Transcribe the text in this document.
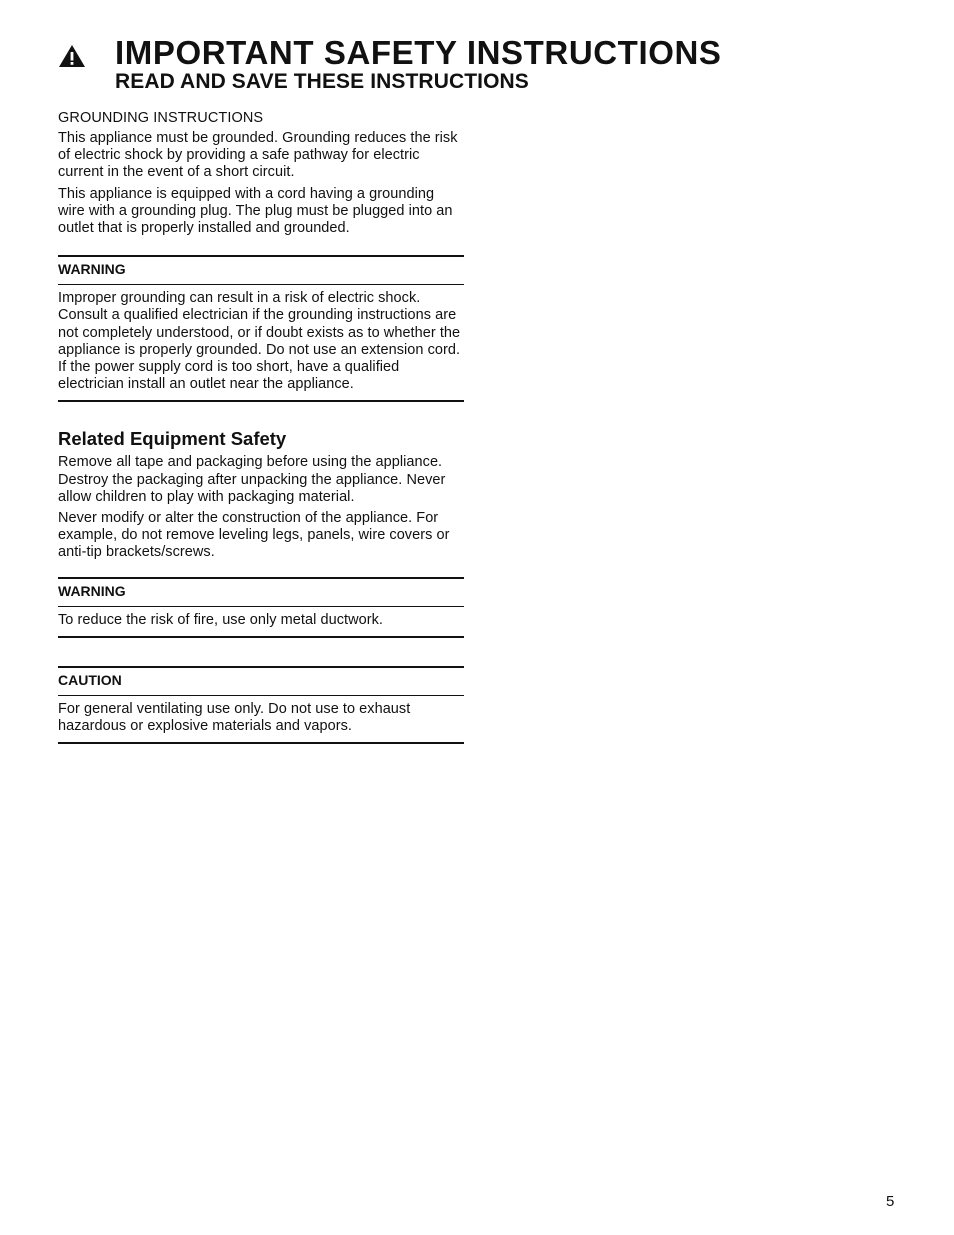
IMPORTANT SAFETY INSTRUCTIONS
READ AND SAVE THESE INSTRUCTIONS
GROUNDING INSTRUCTIONS

This appliance must be grounded. Grounding reduces the risk of electric shock by providing a safe pathway for electric current in the event of a short circuit.

This appliance is equipped with a cord having a grounding wire with a grounding plug. The plug must be plugged into an outlet that is properly installed and grounded.

WARNING
Improper grounding can result in a risk of electric shock. Consult a qualified electrician if the grounding instructions are not completely understood, or if doubt exists as to whether the appliance is properly grounded. Do not use an extension cord. If the power supply cord is too short, have a qualified electrician install an outlet near the appliance.
Related Equipment Safety

Remove all tape and packaging before using the appliance. Destroy the packaging after unpacking the appliance. Never allow children to play with packaging material.

Never modify or alter the construction of the appliance. For example, do not remove leveling legs, panels, wire covers or anti-tip brackets/screws.

WARNING
To reduce the risk of fire, use only metal ductwork.
CAUTION
For general ventilating use only. Do not use to exhaust hazardous or explosive materials and vapors.
5
